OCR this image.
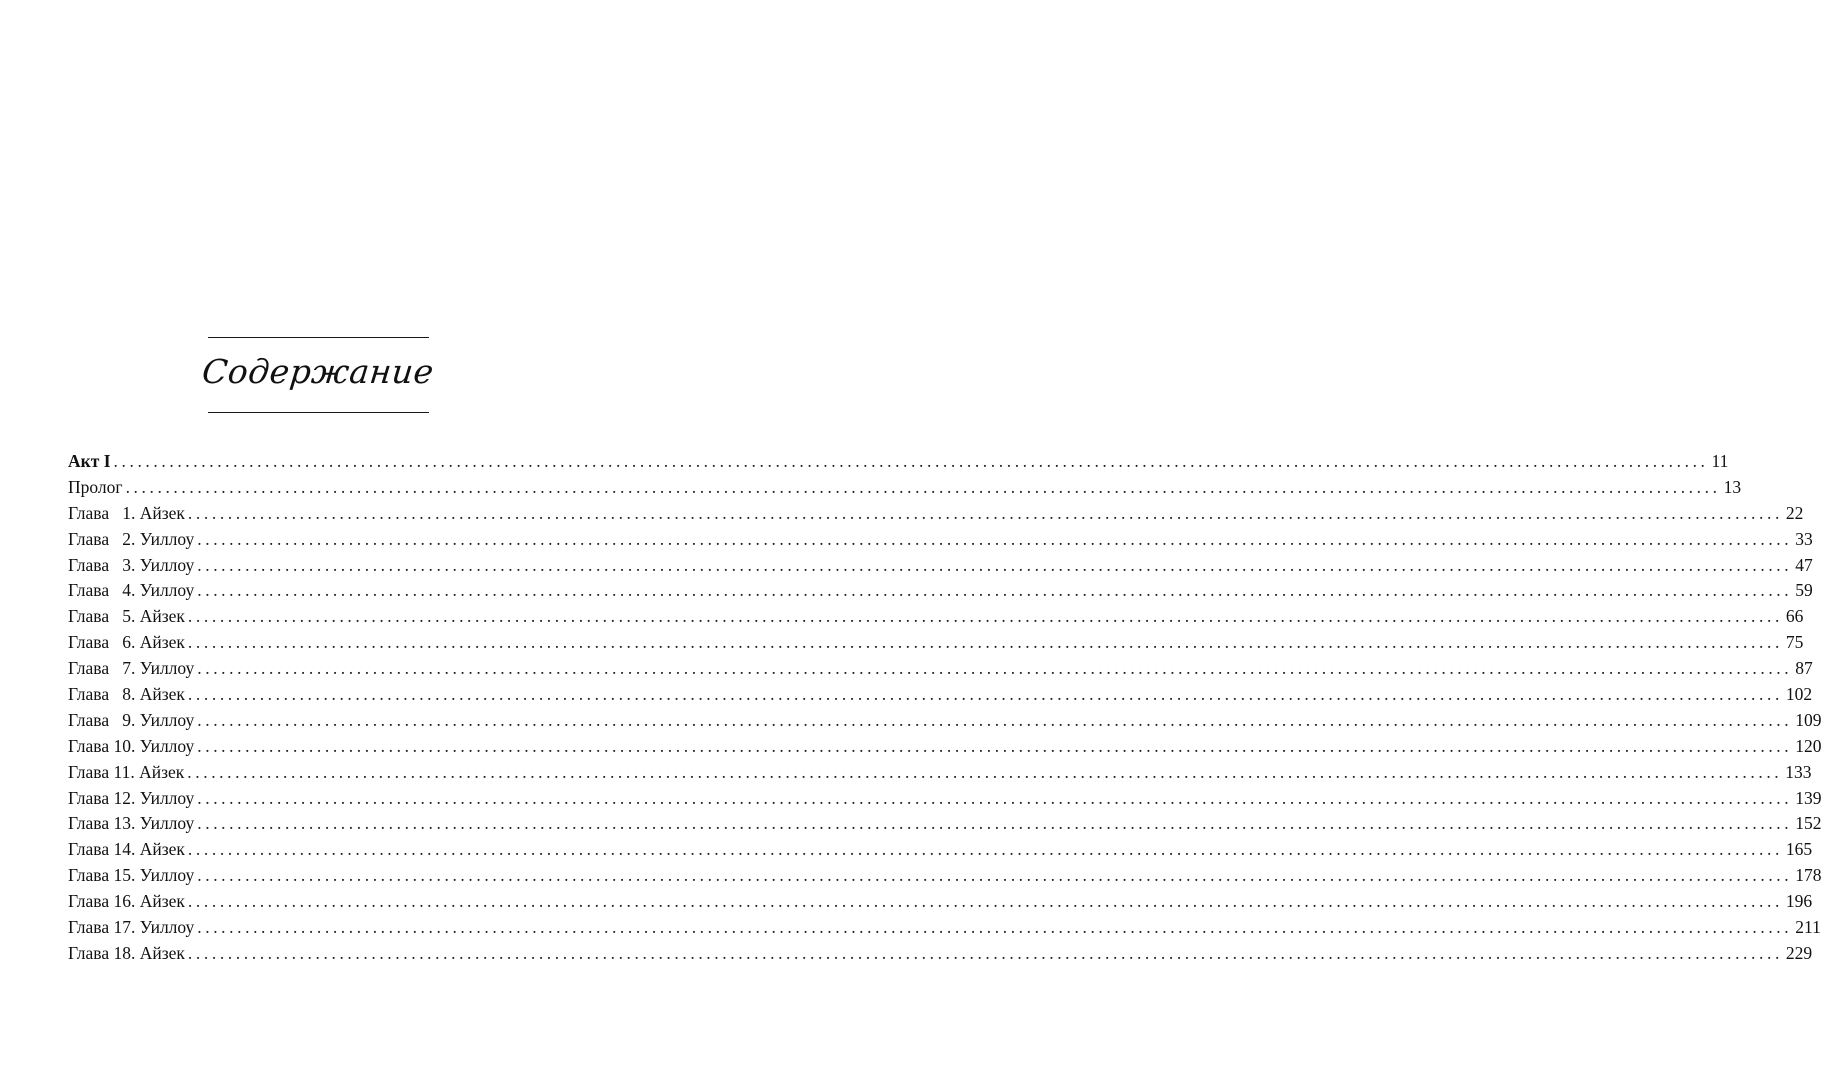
Содержание
Акт I ........................................................................................................................................................................................................ 11
Пролог ........................................................................................................................................................................................................ 13
Глава   1. Айзек ........................................................................................................................................................................................................ 22
Глава   2. Уиллоу ........................................................................................................................................................................................................ 33
Глава   3. Уиллоу ........................................................................................................................................................................................................ 47
Глава   4. Уиллоу ........................................................................................................................................................................................................ 59
Глава   5. Айзек ........................................................................................................................................................................................................ 66
Глава   6. Айзек ........................................................................................................................................................................................................ 75
Глава   7. Уиллоу ........................................................................................................................................................................................................ 87
Глава   8. Айзек ........................................................................................................................................................................................................ 102
Глава   9. Уиллоу ........................................................................................................................................................................................................ 109
Глава 10. Уиллоу ........................................................................................................................................................................................................ 120
Глава 11. Айзек ........................................................................................................................................................................................................ 133
Глава 12. Уиллоу ........................................................................................................................................................................................................ 139
Глава 13. Уиллоу ........................................................................................................................................................................................................ 152
Глава 14. Айзек ........................................................................................................................................................................................................ 165
Глава 15. Уиллоу ........................................................................................................................................................................................................ 178
Глава 16. Айзек ........................................................................................................................................................................................................ 196
Глава 17. Уиллоу ........................................................................................................................................................................................................ 211
Глава 18. Айзек ........................................................................................................................................................................................................ 229
